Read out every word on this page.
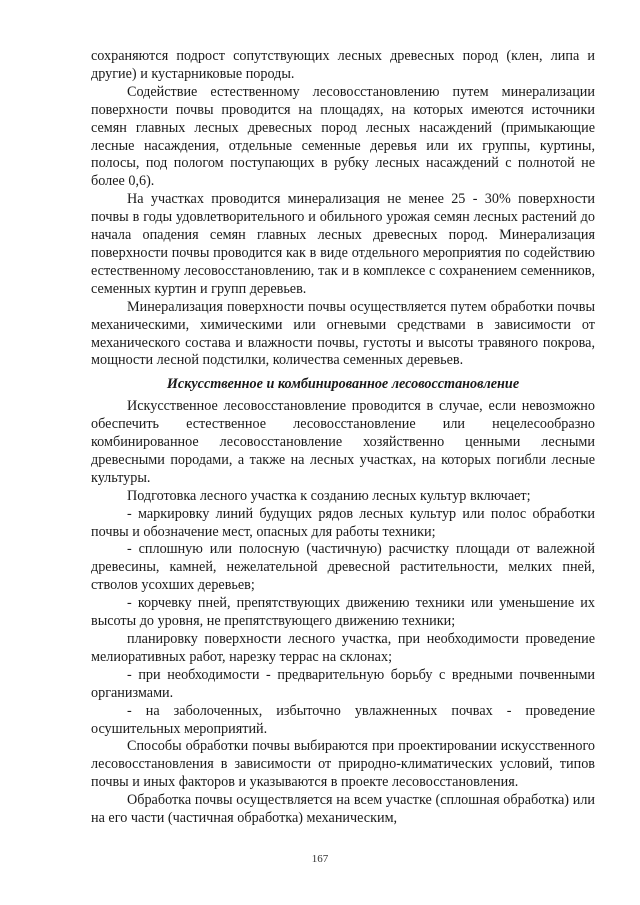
сохраняются подрост сопутствующих лесных древесных пород (клен, липа и другие) и кустарниковые породы.

Содействие естественному лесовосстановлению путем минерализации поверхности почвы проводится на площадях, на которых имеются источники семян главных лесных древесных пород лесных насаждений (примыкающие лесные насаждения, отдельные семенные деревья или их группы, куртины, полосы, под пологом поступающих в рубку лесных насаждений с полнотой не более 0,6).

На участках проводится минерализация не менее 25 - 30% поверхности почвы в годы удовлетворительного и обильного урожая семян лесных растений до начала опадения семян главных лесных древесных пород. Минерализация поверхности почвы проводится как в виде отдельного мероприятия по содействию естественному лесовосстановлению, так и в комплексе с сохранением семенников, семенных куртин и групп деревьев.

Минерализация поверхности почвы осуществляется путем обработки почвы механическими, химическими или огневыми средствами в зависимости от механического состава и влажности почвы, густоты и высоты травяного покрова, мощности лесной подстилки, количества семенных деревьев.

Искусственное и комбинированное лесовосстановление

Искусственное лесовосстановление проводится в случае, если невозможно обеспечить естественное лесовосстановление или нецелесообразно комбинированное лесовосстановление хозяйственно ценными лесными древесными породами, а также на лесных участках, на которых погибли лесные культуры.

Подготовка лесного участка к созданию лесных культур включает;

- маркировку линий будущих рядов лесных культур или полос обработки почвы и обозначение мест, опасных для работы техники;

- сплошную или полосную (частичную) расчистку площади от валежной древесины, камней, нежелательной древесной растительности, мелких пней, стволов усохших деревьев;

- корчевку пней, препятствующих движению техники или уменьшение их высоты до уровня, не препятствующего движению техники;

планировку поверхности лесного участка, при необходимости проведение мелиоративных работ, нарезку террас на склонах;

- при необходимости - предварительную борьбу с вредными почвенными организмами.

- на заболоченных, избыточно увлажненных почвах - проведение осушительных мероприятий.

Способы обработки почвы выбираются при проектировании искусственного лесовосстановления в зависимости от природно-климатических условий, типов почвы и иных факторов и указываются в проекте лесовосстановления.

Обработка почвы осуществляется на всем участке (сплошная обработка) или на его части (частичная обработка) механическим,

167
